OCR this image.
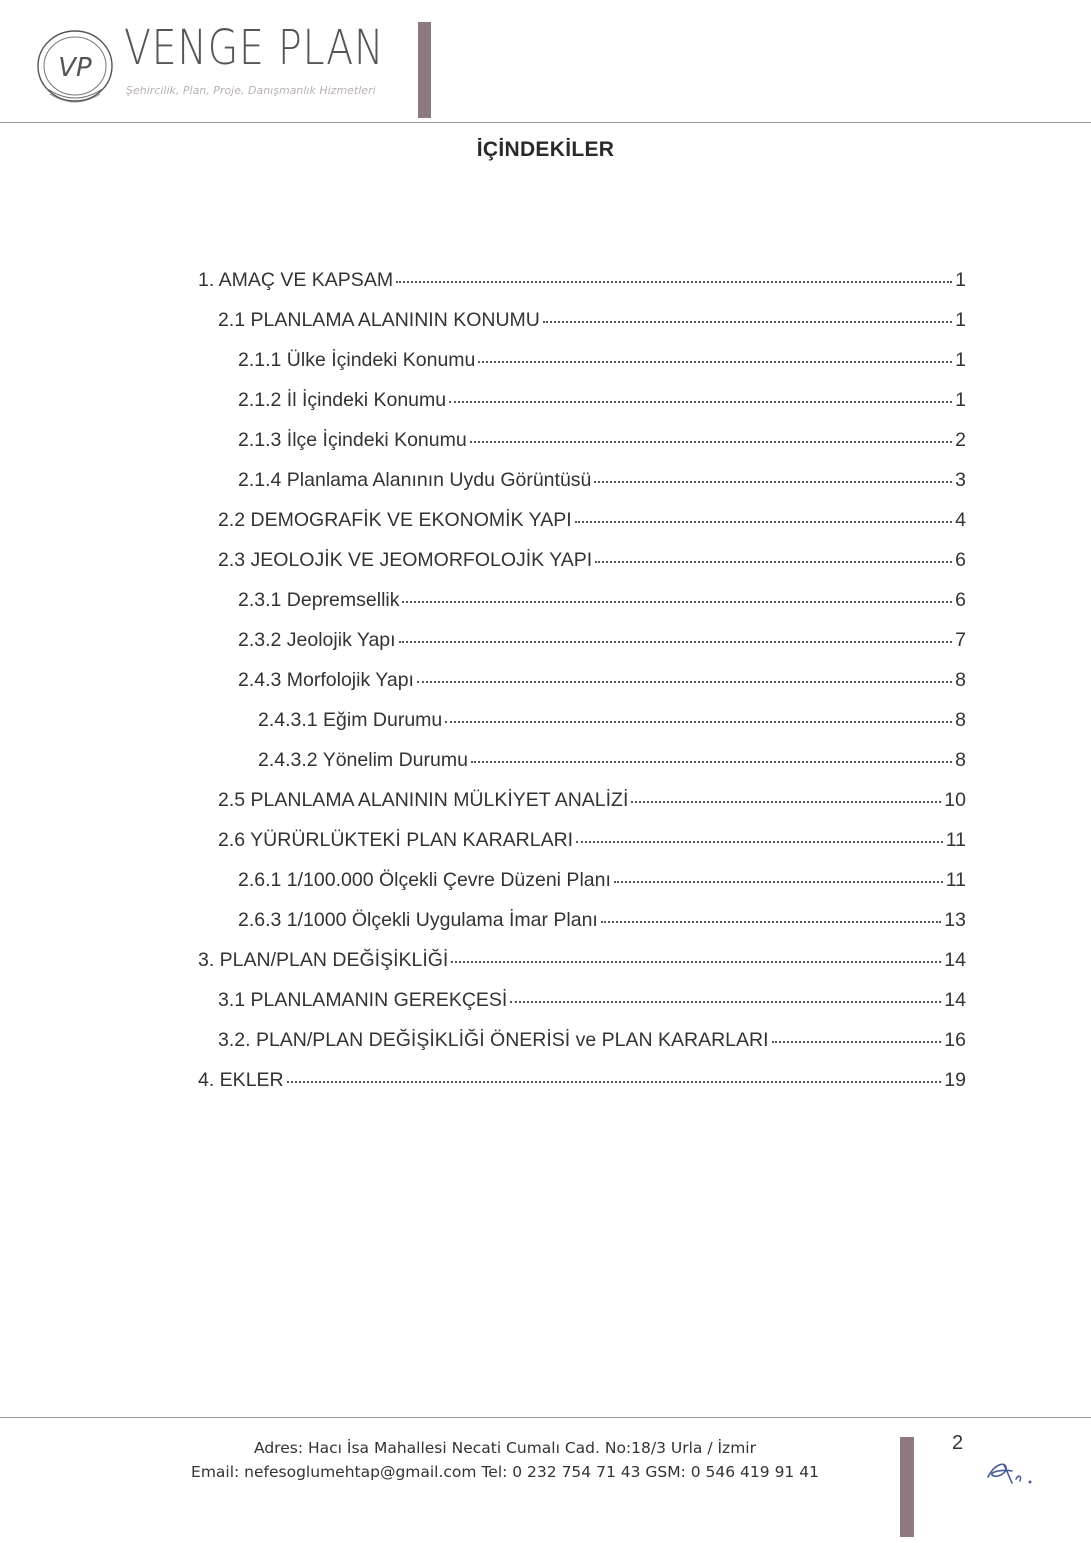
VP VENGE PLAN
Şehircilik, Plan, Proje, Danışmanlık Hizmetleri
İÇİNDEKİLER
1. AMAÇ VE KAPSAM	1
2.1 PLANLAMA ALANININ KONUMU	1
2.1.1 Ülke İçindeki Konumu	1
2.1.2 İl İçindeki Konumu	1
2.1.3 İlçe İçindeki Konumu	2
2.1.4 Planlama Alanının Uydu Görüntüsü	3
2.2 DEMOGRAFİK VE EKONOMİK YAPI	4
2.3 JEOLOJİK VE JEOMORFOLOJİK YAPI	6
2.3.1 Depremsellik	6
2.3.2 Jeolojik Yapı	7
2.4.3 Morfolojik Yapı	8
2.4.3.1 Eğim Durumu	8
2.4.3.2 Yönelim Durumu	8
2.5 PLANLAMA ALANININ MÜLKİYET ANALİZİ	10
2.6 YÜRÜRLÜKTEKİ PLAN KARARLARI	11
2.6.1 1/100.000 Ölçekli Çevre Düzeni Planı	11
2.6.3 1/1000 Ölçekli Uygulama İmar Planı	13
3. PLAN/PLAN DEĞİŞİKLİĞİ	14
3.1 PLANLAMANIN GEREKÇESİ	14
3.2. PLAN/PLAN DEĞİŞİKLİĞİ ÖNERİSİ ve PLAN KARARLARI	16
4. EKLER	19
Adres: Hacı İsa Mahallesi Necati Cumalı Cad. No:18/3 Urla / İzmir
Email: nefesoglumehtap@gmail.com Tel: 0 232 754 71 43 GSM: 0 546 419 91 41
2
